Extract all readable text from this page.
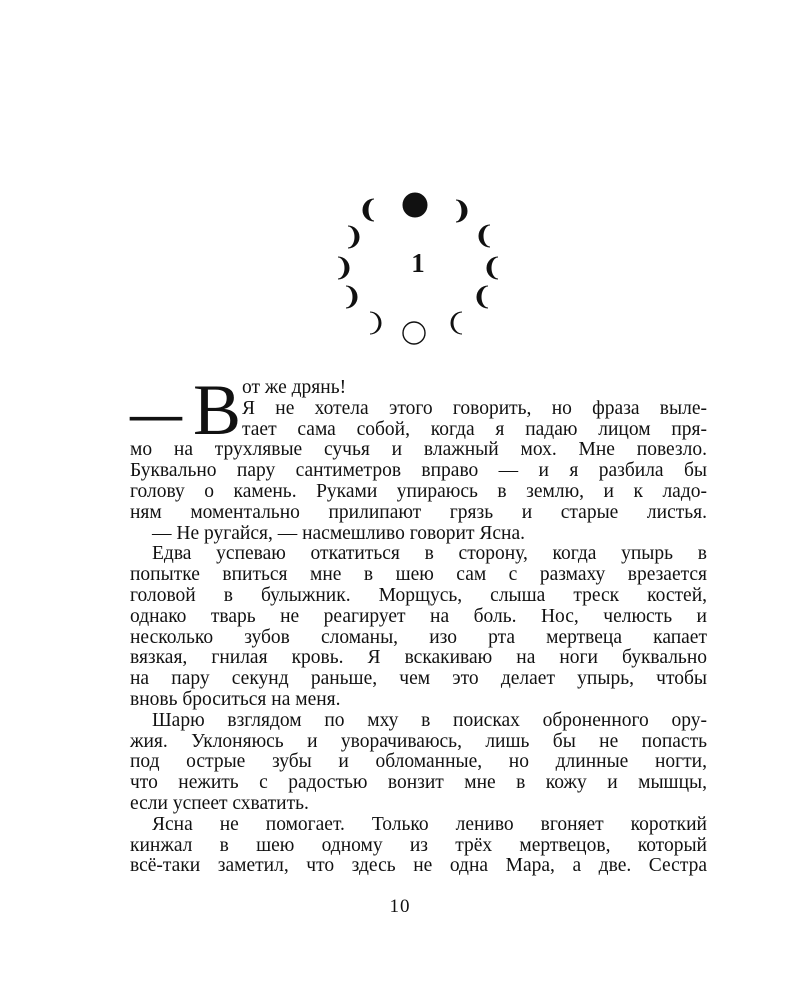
1
— В от же дрянь!
Я не хотела этого говорить, но фраза выле-
тает сама собой, когда я падаю лицом пря-
мо на трухлявые сучья и влажный мох. Мне повезло.
Буквально пару сантиметров вправо — и я разбила бы
голову о камень. Руками упираюсь в землю, и к ладо-
ням моментально прилипают грязь и старые листья.
— Не ругайся, — насмешливо говорит Ясна.
Едва успеваю откатиться в сторону, когда упырь в
попытке впиться мне в шею сам с размаху врезается
головой в булыжник. Морщусь, слыша треск костей,
однако тварь не реагирует на боль. Нос, челюсть и
несколько зубов сломаны, изо рта мертвеца капает
вязкая, гнилая кровь. Я вскакиваю на ноги буквально
на пару секунд раньше, чем это делает упырь, чтобы
вновь броситься на меня.
Шарю взглядом по мху в поисках оброненного ору-
жия. Уклоняюсь и уворачиваюсь, лишь бы не попасть
под острые зубы и обломанные, но длинные ногти,
что нежить с радостью вонзит мне в кожу и мышцы,
если успеет схватить.
Ясна не помогает. Только лениво вгоняет короткий
кинжал в шею одному из трёх мертвецов, который
всё-таки заметил, что здесь не одна Мара, а две. Сестра
10
